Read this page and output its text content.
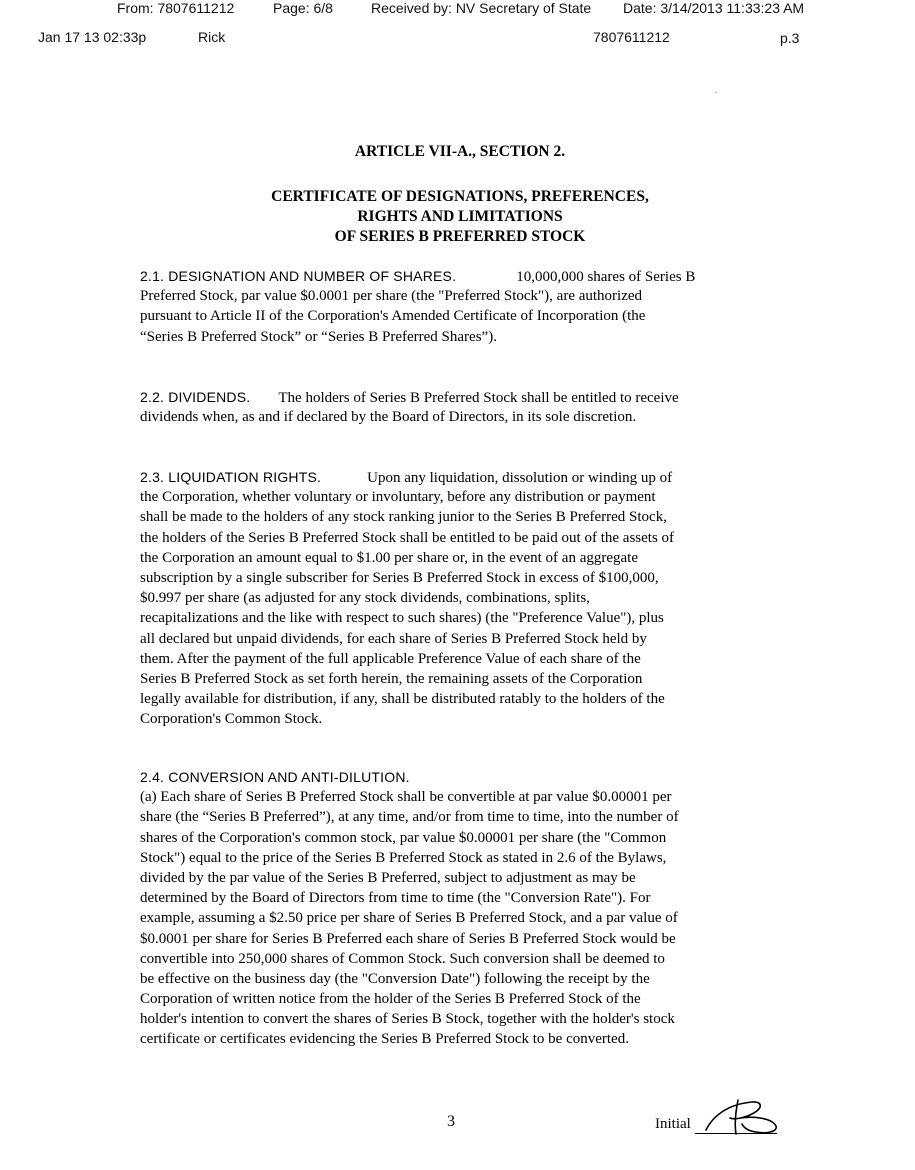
From: 7807611212	Page: 6/8	Received by: NV Secretary of State Date: 3/14/2013 11:33:23 AM
Jan 17 13 02:33p	Rick	7807611212	p.3
ARTICLE VII-A., SECTION 2.
CERTIFICATE OF DESIGNATIONS, PREFERENCES,
RIGHTS AND LIMITATIONS
OF SERIES B PREFERRED STOCK
2.1. DESIGNATION AND NUMBER OF SHARES.	10,000,000 shares of Series B
Preferred Stock, par value $0.0001 per share (the "Preferred Stock"), are authorized
pursuant to Article II of the Corporation's Amended Certificate of Incorporation (the
“Series B Preferred Stock” or “Series B Preferred Shares”).
2.2. DIVIDENDS. The holders of Series B Preferred Stock shall be entitled to receive
dividends when, as and if declared by the Board of Directors, in its sole discretion.
2.3. LIQUIDATION RIGHTS.	Upon any liquidation, dissolution or winding up of
the Corporation, whether voluntary or involuntary, before any distribution or payment
shall be made to the holders of any stock ranking junior to the Series B Preferred Stock,
the holders of the Series B Preferred Stock shall be entitled to be paid out of the assets of
the Corporation an amount equal to $1.00 per share or, in the event of an aggregate
subscription by a single subscriber for Series B Preferred Stock in excess of $100,000,
$0.997 per share (as adjusted for any stock dividends, combinations, splits,
recapitalizations and the like with respect to such shares) (the "Preference Value"), plus
all declared but unpaid dividends, for each share of Series B Preferred Stock held by
them. After the payment of the full applicable Preference Value of each share of the
Series B Preferred Stock as set forth herein, the remaining assets of the Corporation
legally available for distribution, if any, shall be distributed ratably to the holders of the
Corporation's Common Stock.
2.4. CONVERSION AND ANTI-DILUTION.
(a) Each share of Series B Preferred Stock shall be convertible at par value $0.00001 per
share (the “Series B Preferred”), at any time, and/or from time to time, into the number of
shares of the Corporation's common stock, par value $0.00001 per share (the "Common
Stock") equal to the price of the Series B Preferred Stock as stated in 2.6 of the Bylaws,
divided by the par value of the Series B Preferred, subject to adjustment as may be
determined by the Board of Directors from time to time (the "Conversion Rate"). For
example, assuming a $2.50 price per share of Series B Preferred Stock, and a par value of
$0.0001 per share for Series B Preferred each share of Series B Preferred Stock would be
convertible into 250,000 shares of Common Stock. Such conversion shall be deemed to
be effective on the business day (the "Conversion Date") following the receipt by the
Corporation of written notice from the holder of the Series B Preferred Stock of the
holder's intention to convert the shares of Series B Stock, together with the holder's stock
certificate or certificates evidencing the Series B Preferred Stock to be converted.
3	Initial
